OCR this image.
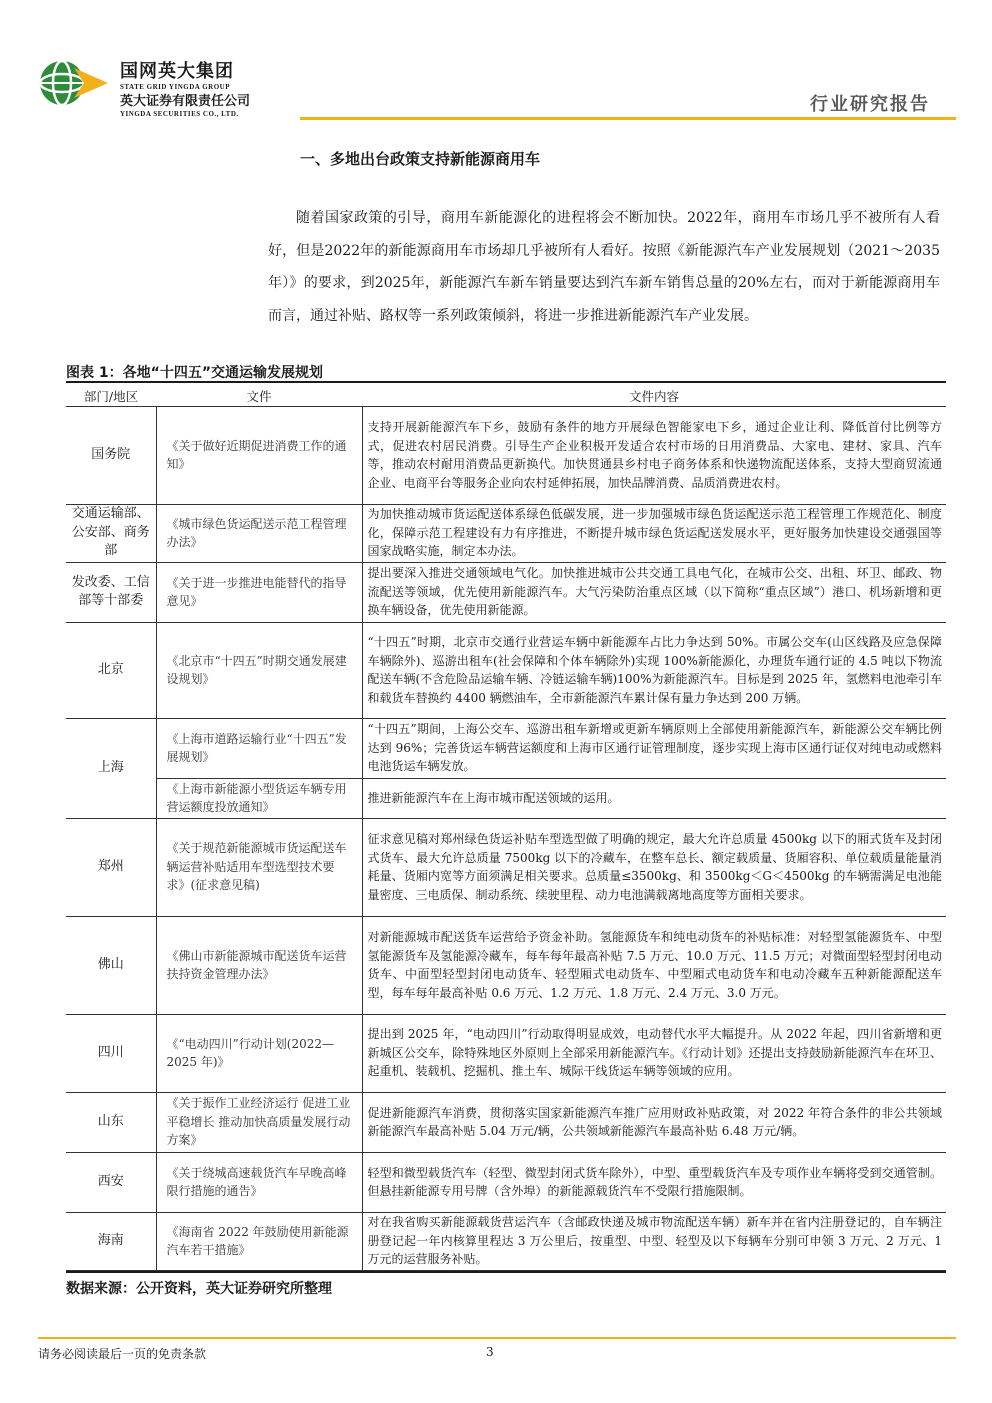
国网英大集团
STATE GRID YINGDA GROUP
英大证券有限责任公司
YINGDA SECURITIES CO., LTD.	行业研究报告
一、多地出台政策支持新能源商用车
随着国家政策的引导，商用车新能源化的进程将会不断加快。2022年，商用车市场几乎不被所有人看好，但是2022年的新能源商用车市场却几乎被所有人看好。按照《新能源汽车产业发展规划（2021～2035年）》的要求，到2025年，新能源汽车新车销量要达到汽车新车销售总量的20%左右，而对于新能源商用车而言，通过补贴、路权等一系列政策倾斜，将进一步推进新能源汽车产业发展。
图表 1：各地“十四五”交通运输发展规划
部门/地区	文件	文件内容
国务院	《关于做好近期促进消费工作的通知》	支持开展新能源汽车下乡，鼓励有条件的地方开展绿色智能家电下乡，通过企业让利、降低首付比例等方式，促进农村居民消费。引导生产企业积极开发适合农村市场的日用消费品、大家电、建材、家具、汽车等，推动农村耐用消费品更新换代。加快贯通县乡村电子商务体系和快递物流配送体系，支持大型商贸流通企业、电商平台等服务企业向农村延伸拓展，加快品牌消费、品质消费进农村。
交通运输部、公安部、商务部	《城市绿色货运配送示范工程管理办法》	为加快推动城市货运配送体系绿色低碳发展，进一步加强城市绿色货运配送示范工程管理工作规范化、制度化，保障示范工程建设有力有序推进，不断提升城市绿色货运配送发展水平，更好服务加快建设交通强国等国家战略实施，制定本办法。
发改委、工信部等十部委	《关于进一步推进电能替代的指导意见》	提出要深入推进交通领域电气化。加快推进城市公共交通工具电气化，在城市公交、出租、环卫、邮政、物流配送等领域，优先使用新能源汽车。大气污染防治重点区域（以下简称“重点区域”）港口、机场新增和更换车辆设备，优先使用新能源。
北京	《北京市“十四五”时期交通发展建设规划》	“十四五”时期，北京市交通行业营运车辆中新能源车占比力争达到 50%。市属公交车(山区线路及应急保障车辆除外)、巡游出租车(社会保障和个体车辆除外)实现 100%新能源化，办理货车通行证的 4.5 吨以下物流配送车辆(不含危险品运输车辆、冷链运输车辆)100%为新能源汽车。目标是到 2025 年，氢燃料电池牵引车和载货车替换约 4400 辆燃油车，全市新能源汽车累计保有量力争达到 200 万辆。
上海	《上海市道路运输行业“十四五”发展规划》	“十四五”期间，上海公交车、巡游出租车新增或更新车辆原则上全部使用新能源汽车，新能源公交车辆比例达到 96%；完善货运车辆营运额度和上海市区通行证管理制度，逐步实现上海市区通行证仅对纯电动或燃料电池货运车辆发放。
	《上海市新能源小型货运车辆专用营运额度投放通知》	推进新能源汽车在上海市城市配送领域的运用。
郑州	《关于规范新能源城市货运配送车辆运营补贴适用车型选型技术要求》(征求意见稿)	征求意见稿对郑州绿色货运补贴车型选型做了明确的规定，最大允许总质量 4500kg 以下的厢式货车及封闭式货车、最大允许总质量 7500kg 以下的冷藏车，在整车总长、额定载质量、货厢容积、单位载质量能量消耗量、货厢内宽等方面须满足相关要求。总质量≤3500kg、和 3500kg＜G＜4500kg 的车辆需满足电池能量密度、三电质保、制动系统、续驶里程、动力电池满载离地高度等方面相关要求。
佛山	《佛山市新能源城市配送货车运营扶持资金管理办法》	对新能源城市配送货车运营给予资金补助。氢能源货车和纯电动货车的补贴标准：对轻型氢能源货车、中型氢能源货车及氢能源冷藏车，每车每年最高补贴 7.5 万元、10.0 万元、11.5 万元；对微面型轻型封闭电动货车、中面型轻型封闭电动货车、轻型厢式电动货车、中型厢式电动货车和电动冷藏车五种新能源配送车型，每车每年最高补贴 0.6 万元、1.2 万元、1.8 万元、2.4 万元、3.0 万元。
四川	《“电动四川”行动计划(2022—2025 年)》	提出到 2025 年，“电动四川”行动取得明显成效，电动替代水平大幅提升。从 2022 年起，四川省新增和更新城区公交车，除特殊地区外原则上全部采用新能源汽车。《行动计划》还提出支持鼓励新能源汽车在环卫、起重机、装载机、挖掘机、推土车、城际干线货运车辆等领域的应用。
山东	《关于振作工业经济运行 促进工业平稳增长 推动加快高质量发展行动方案》	促进新能源汽车消费，贯彻落实国家新能源汽车推广应用财政补贴政策，对 2022 年符合条件的非公共领域新能源汽车最高补贴 5.04 万元/辆，公共领域新能源汽车最高补贴 6.48 万元/辆。
西安	《关于绕城高速载货汽车早晚高峰限行措施的通告》	轻型和微型载货汽车（轻型、微型封闭式货车除外），中型、重型载货汽车及专项作业车辆将受到交通管制。但悬挂新能源专用号牌（含外埠）的新能源载货汽车不受限行措施限制。
海南	《海南省 2022 年鼓励使用新能源汽车若干措施》	对在我省购买新能源载货营运汽车（含邮政快递及城市物流配送车辆）新车并在省内注册登记的，自车辆注册登记起一年内核算里程达 3 万公里后，按重型、中型、轻型及以下每辆车分别可申领 3 万元、2 万元、1 万元的运营服务补贴。
数据来源：公开资料，英大证券研究所整理
请务必阅读最后一页的免责条款	3
